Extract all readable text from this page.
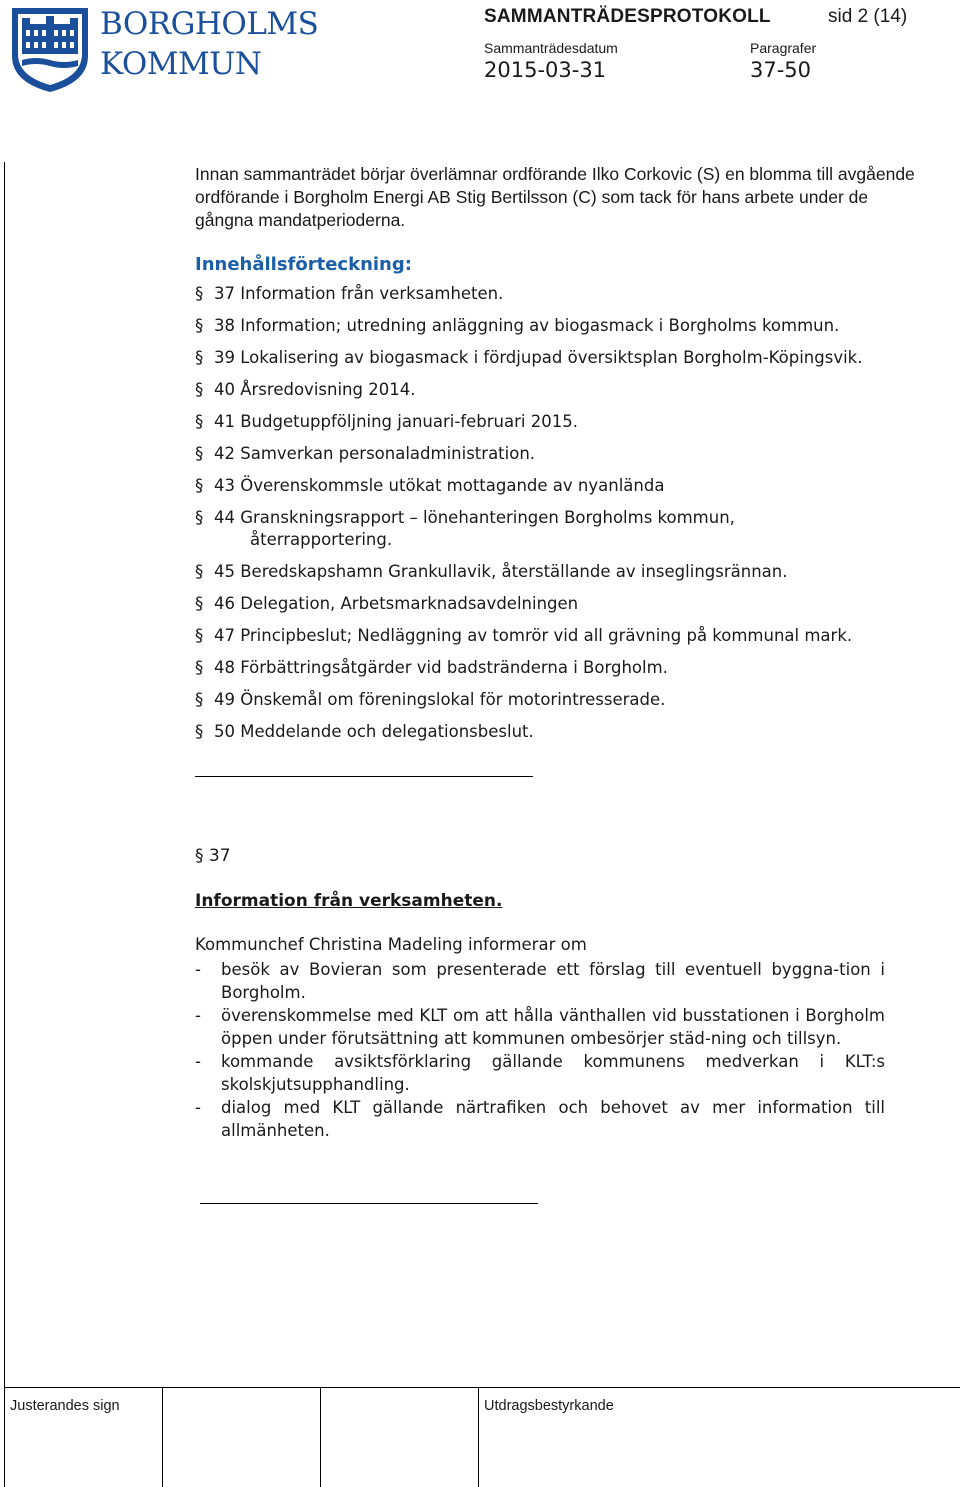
BORGHOLMS
KOMMUN
SAMMANTRÄDESPROTOKOLL	sid 2 (14)
Sammanträdesdatum	Paragrafer
2015-03-31	37-50

Innan sammanträdet börjar överlämnar ordförande Ilko Corkovic (S) en blomma till avgående ordförande i Borgholm Energi AB Stig Bertilsson (C) som tack för hans arbete under de gångna mandatperioderna.

Innehållsförteckning:
§ 37 Information från verksamheten.
§ 38 Information; utredning anläggning av biogasmack i Borgholms kommun.
§ 39 Lokalisering av biogasmack i fördjupad översiktsplan Borgholm-Köpingsvik.
§ 40 Årsredovisning 2014.
§ 41 Budgetuppföljning januari-februari 2015.
§ 42 Samverkan personaladministration.
§ 43 Överenskommsle utökat mottagande av nyanlända
§ 44 Granskningsrapport – lönehanteringen Borgholms kommun,
återrapportering.
§ 45 Beredskapshamn Grankullavik, återställande av inseglingsrännan.
§ 46 Delegation, Arbetsmarknadsavdelningen
§ 47 Principbeslut; Nedläggning av tomrör vid all grävning på kommunal mark.
§ 48 Förbättringsåtgärder vid badstränderna i Borgholm.
§ 49 Önskemål om föreningslokal för motorintresserade.
§ 50 Meddelande och delegationsbeslut.
§ 37
Information från verksamheten.
Kommunchef Christina Madeling informerar om
- besök av Bovieran som presenterade ett förslag till eventuell byggna-tion i Borgholm.
- överenskommelse med KLT om att hålla vänthallen vid busstationen i Borgholm öppen under förutsättning att kommunen ombesörjer städ-ning och tillsyn.
- kommande avsiktsförklaring gällande kommunens medverkan i KLT:s skolskjutsupphandling.
- dialog med KLT gällande närtrafiken och behovet av mer information till allmänheten.
Justerandes sign	Utdragsbestyrkande
